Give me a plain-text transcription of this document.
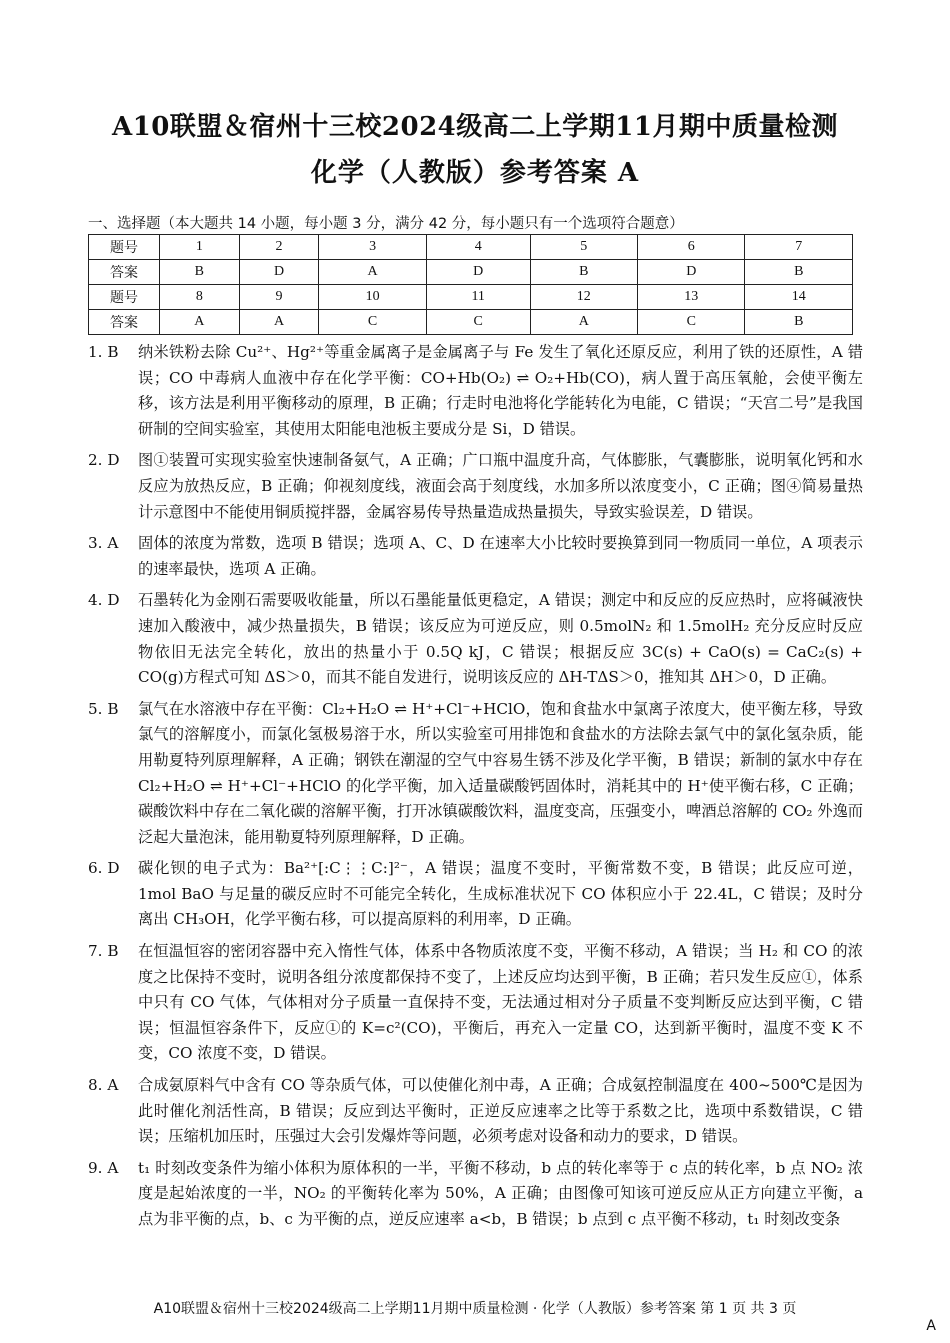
A10联盟＆宿州十三校2024级高二上学期11月期中质量检测
化学（人教版）参考答案 A
一、选择题（本大题共 14 小题，每小题 3 分，满分 42 分，每小题只有一个选项符合题意）
题号	1	2	3	4	5	6	7
答案	B	D	A	D	B	D	B
题号	8	9	10	11	12	13	14
答案	A	A	C	C	A	C	B
1. B	纳米铁粉去除 Cu²⁺、Hg²⁺等重金属离子是金属离子与 Fe 发生了氧化还原反应，利用了铁的还原性，A 错误；CO 中毒病人血液中存在化学平衡：CO+Hb(O₂) ⇌ O₂+Hb(CO)，病人置于高压氧舱，会使平衡左移，该方法是利用平衡移动的原理，B 正确；行走时电池将化学能转化为电能，C 错误；“天宫二号”是我国研制的空间实验室，其使用太阳能电池板主要成分是 Si，D 错误。
2. D	图①装置可实现实验室快速制备氨气，A 正确；广口瓶中温度升高，气体膨胀，气囊膨胀，说明氧化钙和水反应为放热反应，B 正确；仰视刻度线，液面会高于刻度线，水加多所以浓度变小，C 正确；图④简易量热计示意图中不能使用铜质搅拌器，金属容易传导热量造成热量损失，导致实验误差，D 错误。
3. A	固体的浓度为常数，选项 B 错误；选项 A、C、D 在速率大小比较时要换算到同一物质同一单位，A 项表示的速率最快，选项 A 正确。
4. D	石墨转化为金刚石需要吸收能量，所以石墨能量低更稳定，A 错误；测定中和反应的反应热时，应将碱液快速加入酸液中，减少热量损失，B 错误；该反应为可逆反应，则 0.5molN₂ 和 1.5molH₂ 充分反应时反应物依旧无法完全转化，放出的热量小于 0.5Q kJ，C 错误；根据反应 3C(s) + CaO(s) = CaC₂(s) + CO(g)方程式可知 ΔS＞0，而其不能自发进行，说明该反应的 ΔH-TΔS＞0，推知其 ΔH＞0，D 正确。
5. B	氯气在水溶液中存在平衡：Cl₂+H₂O ⇌ H⁺+Cl⁻+HClO，饱和食盐水中氯离子浓度大，使平衡左移，导致氯气的溶解度小，而氯化氢极易溶于水，所以实验室可用排饱和食盐水的方法除去氯气中的氯化氢杂质，能用勒夏特列原理解释，A 正确；钢铁在潮湿的空气中容易生锈不涉及化学平衡，B 错误；新制的氯水中存在 Cl₂+H₂O ⇌ H⁺+Cl⁻+HClO 的化学平衡，加入适量碳酸钙固体时，消耗其中的 H⁺使平衡右移，C 正确；碳酸饮料中存在二氧化碳的溶解平衡，打开冰镇碳酸饮料，温度变高，压强变小，啤酒总溶解的 CO₂ 外逸而泛起大量泡沫，能用勒夏特列原理解释，D 正确。
6. D	碳化钡的电子式为：Ba²⁺[:C⋮⋮C:]²⁻，A 错误；温度不变时，平衡常数不变，B 错误；此反应可逆，1mol BaO 与足量的碳反应时不可能完全转化，生成标准状况下 CO 体积应小于 22.4L，C 错误；及时分离出 CH₃OH，化学平衡右移，可以提高原料的利用率，D 正确。
7. B	在恒温恒容的密闭容器中充入惰性气体，体系中各物质浓度不变，平衡不移动，A 错误；当 H₂ 和 CO 的浓度之比保持不变时，说明各组分浓度都保持不变了，上述反应均达到平衡，B 正确；若只发生反应①，体系中只有 CO 气体，气体相对分子质量一直保持不变，无法通过相对分子质量不变判断反应达到平衡，C 错误；恒温恒容条件下，反应①的 K=c²(CO)，平衡后，再充入一定量 CO，达到新平衡时，温度不变 K 不变，CO 浓度不变，D 错误。
8. A	合成氨原料气中含有 CO 等杂质气体，可以使催化剂中毒，A 正确；合成氨控制温度在 400~500℃是因为此时催化剂活性高，B 错误；反应到达平衡时，正逆反应速率之比等于系数之比，选项中系数错误，C 错误；压缩机加压时，压强过大会引发爆炸等问题，必须考虑对设备和动力的要求，D 错误。
9. A	t₁ 时刻改变条件为缩小体积为原体积的一半，平衡不移动，b 点的转化率等于 c 点的转化率，b 点 NO₂ 浓度是起始浓度的一半，NO₂ 的平衡转化率为 50%，A 正确；由图像可知该可逆反应从正方向建立平衡，a 点为非平衡的点，b、c 为平衡的点，逆反应速率 a<b，B 错误；b 点到 c 点平衡不移动，t₁ 时刻改变条
A10联盟＆宿州十三校2024级高二上学期11月期中质量检测 · 化学（人教版）参考答案 第 1 页 共 3 页
A
